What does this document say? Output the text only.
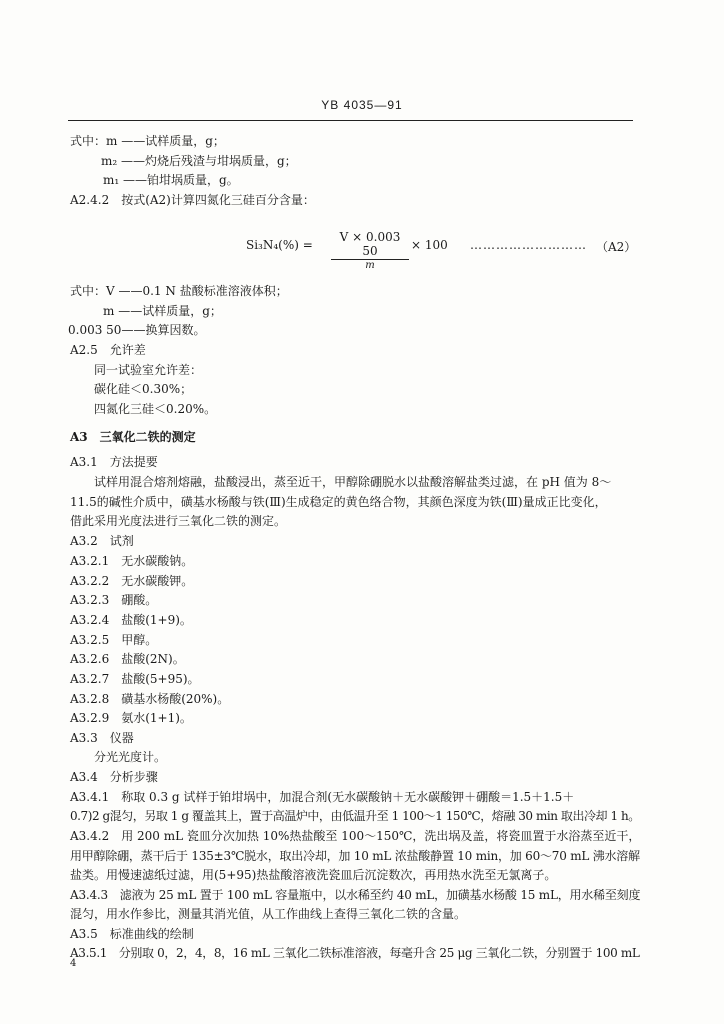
YB 4035—91
式中：m ——试样质量，g；
m₂ ——灼烧后残渣与坩埚质量，g；
m₁ ——铂坩埚质量，g。
A2.4.2　按式(A2)计算四氮化三硅百分含量：
Si₃N₄(%) =
V × 0.003 50
m
× 100 ……………………… （A2）
式中：V ——0.1 N 盐酸标准溶液体积；
m ——试样质量，g；
0.003 50——换算因数。
A2.5　允许差
同一试验室允许差：
碳化硅＜0.30%；
四氮化三硅＜0.20%。
A3　三氧化二铁的测定
A3.1　方法提要
试样用混合熔剂熔融，盐酸浸出，蒸至近干，甲醇除硼脱水以盐酸溶解盐类过滤，在 pH 值为 8～
11.5的碱性介质中，磺基水杨酸与铁(Ⅲ)生成稳定的黄色络合物，其颜色深度为铁(Ⅲ)量成正比变化，
借此采用光度法进行三氧化二铁的测定。
A3.2　试剂
A3.2.1　无水碳酸钠。
A3.2.2　无水碳酸钾。
A3.2.3　硼酸。
A3.2.4　盐酸(1+9)。
A3.2.5　甲醇。
A3.2.6　盐酸(2N)。
A3.2.7　盐酸(5+95)。
A3.2.8　磺基水杨酸(20%)。
A3.2.9　氨水(1+1)。
A3.3　仪器
分光光度计。
A3.4　分析步骤
A3.4.1　称取 0.3 g 试样于铂坩埚中，加混合剂(无水碳酸钠＋无水碳酸钾＋硼酸＝1.5＋1.5＋
0.7)2 g混匀，另取 1 g 覆盖其上，置于高温炉中，由低温升至 1 100～1 150℃，熔融 30 min 取出冷却 1 h。
A3.4.2　用 200 mL 瓷皿分次加热 10%热盐酸至 100～150℃，洗出埚及盖，将瓷皿置于水浴蒸至近干，
用甲醇除硼，蒸干后于 135±3℃脱水，取出冷却，加 10 mL 浓盐酸静置 10 min，加 60～70 mL 沸水溶解
盐类。用慢速滤纸过滤，用(5+95)热盐酸溶液洗瓷皿后沉淀数次，再用热水洗至无氯离子。
A3.4.3　滤液为 25 mL 置于 100 mL 容量瓶中，以水稀至约 40 mL，加磺基水杨酸 15 mL，用水稀至刻度
混匀，用水作参比，测量其消光值，从工作曲线上查得三氧化二铁的含量。
A3.5　标准曲线的绘制
A3.5.1　分别取 0，2，4，8，16 mL 三氧化二铁标准溶液，每毫升含 25 μg 三氧化二铁，分别置于 100 mL
4
